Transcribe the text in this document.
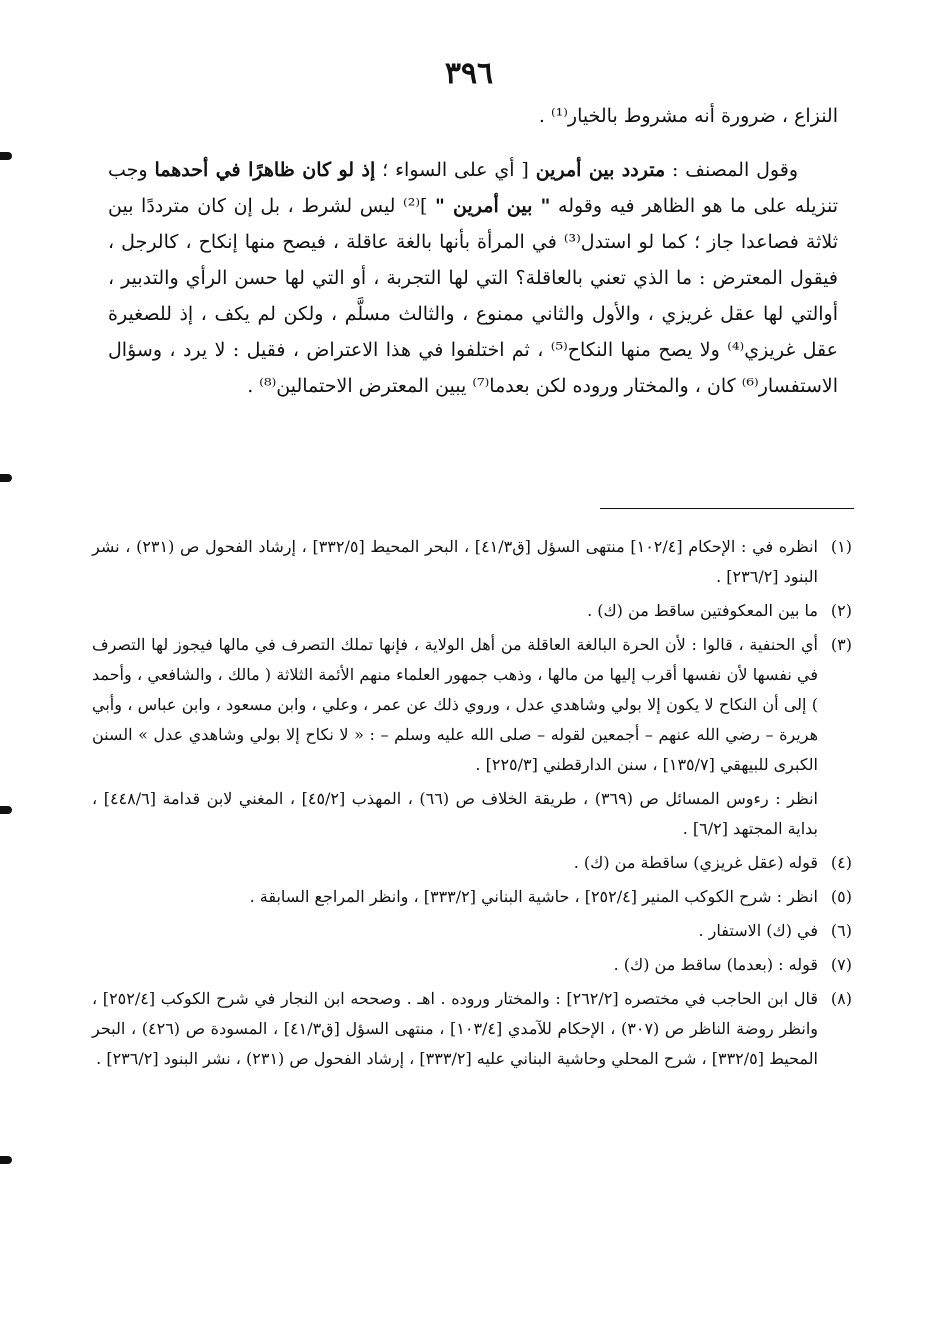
٣٩٦

النزاع ، ضرورة أنه مشروط بالخيار⁽¹⁾ .

وقول المصنف : متردد بين أمرين [ أي على السواء ؛ إذ لو كان ظاهرًا في أحدهما وجب تنزيله على ما هو الظاهر فيه وقوله " بين أمرين " ]⁽²⁾ ليس لشرط ، بل إن كان مترددًا بين ثلاثة فصاعدا جاز ؛ كما لو استدل⁽³⁾ في المرأة بأنها بالغة عاقلة ، فيصح منها إنكاح ، كالرجل ، فيقول المعترض : ما الذي تعني بالعاقلة؟ التي لها التجربة ، أو التي لها حسن الرأي والتدبير ، أوالتي لها عقل غريزي ، والأول والثاني ممنوع ، والثالث مسلَّم ، ولكن لم يكف ، إذ للصغيرة عقل غريزي⁽⁴⁾ ولا يصح منها النكاح⁽⁵⁾ ، ثم اختلفوا في هذا الاعتراض ، فقيل : لا يرد ، وسؤال الاستفسار⁽⁶⁾ كان ، والمختار وروده لكن بعدما⁽⁷⁾ يبين المعترض الاحتمالين⁽⁸⁾ .

(١)انظره في : الإحكام [١٠٢/٤] منتهى السؤل [ق٤١/٣] ، البحر المحيط [٣٣٢/٥] ، إرشاد الفحول ص (٢٣١) ، نشر البنود [٢٣٦/٢] .
(٢)ما بين المعكوفتين ساقط من (ك) .
(٣)أي الحنفية ، قالوا : لأن الحرة البالغة العاقلة من أهل الولاية ، فإنها تملك التصرف في مالها فيجوز لها التصرف في نفسها لأن نفسها أقرب إليها من مالها ، وذهب جمهور العلماء منهم الأئمة الثلاثة ( مالك ، والشافعي ، وأحمد ) إلى أن النكاح لا يكون إلا بولي وشاهدي عدل ، وروي ذلك عن عمر ، وعلي ، وابن مسعود ، وابن عباس ، وأبي هريرة – رضي الله عنهم – أجمعين لقوله – صلى الله عليه وسلم – : « لا نكاح إلا بولي وشاهدي عدل » السنن الكبرى للبيهقي [١٣٥/٧] ، سنن الدارقطني [٢٢٥/٣] .
انظر : رءوس المسائل ص (٣٦٩) ، طريقة الخلاف ص (٦٦) ، المهذب [٤٥/٢] ، المغني لابن قدامة [٤٤٨/٦] ، بداية المجتهد [٦/٢] .
(٤)قوله (عقل غريزي) ساقطة من (ك) .
(٥)انظر : شرح الكوكب المنير [٢٥٢/٤] ، حاشية البناني [٣٣٣/٢] ، وانظر المراجع السابقة .
(٦)في (ك) الاستفار .
(٧)قوله : (بعدما) ساقط من (ك) .
(٨)قال ابن الحاجب في مختصره [٢٦٢/٢] : والمختار وروده . اهـ . وصححه ابن النجار في شرح الكوكب [٢٥٢/٤] ، وانظر روضة الناظر ص (٣٠٧) ، الإحكام للآمدي [١٠٣/٤] ، منتهى السؤل [ق٤١/٣] ، المسودة ص (٤٢٦) ، البحر المحيط [٣٣٢/٥] ، شرح المحلي وحاشية البناني عليه [٣٣٣/٢] ، إرشاد الفحول ص (٢٣١) ، نشر البنود [٢٣٦/٢] .
